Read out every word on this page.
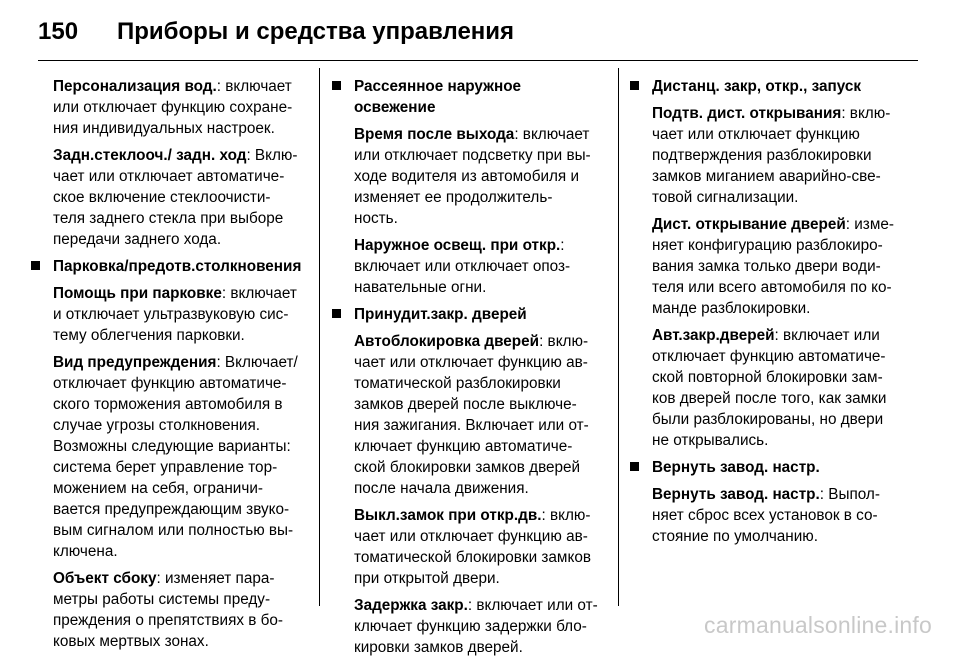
150 Приборы и средства управления
Персонализация вод.: включает
или отключает функцию сохране-
ния индивидуальных настроек.
Задн.стеклооч./ задн. ход: Вклю-
чает или отключает автоматиче-
ское включение стеклоочисти-
теля заднего стекла при выборе
передачи заднего хода.
Парковка/предотв.столкновения
Помощь при парковке: включает
и отключает ультразвуковую сис-
тему облегчения парковки.
Вид предупреждения: Включает/
отключает функцию автоматиче-
ского торможения автомобиля в
случае угрозы столкновения.
Возможны следующие варианты:
система берет управление тор-
можением на себя, ограничи-
вается предупреждающим звуко-
вым сигналом или полностью вы-
ключена.
Объект сбоку: изменяет пара-
метры работы системы преду-
преждения о препятствиях в бо-
ковых мертвых зонах.
Рассеянное наружное
освежение
Время после выхода: включает
или отключает подсветку при вы-
ходе водителя из автомобиля и
изменяет ее продолжитель-
ность.
Наружное освещ. при откр.:
включает или отключает опоз-
навательные огни.
Принудит.закр. дверей
Автоблокировка дверей: вклю-
чает или отключает функцию ав-
томатической разблокировки
замков дверей после выключе-
ния зажигания. Включает или от-
ключает функцию автоматиче-
ской блокировки замков дверей
после начала движения.
Выкл.замок при откр.дв.: вклю-
чает или отключает функцию ав-
томатической блокировки замков
при открытой двери.
Задержка закр.: включает или от-
ключает функцию задержки бло-
кировки замков дверей.
Дистанц. закр, откр., запуск
Подтв. дист. открывания: вклю-
чает или отключает функцию
подтверждения разблокировки
замков миганием аварийно-све-
товой сигнализации.
Дист. открывание дверей: изме-
няет конфигурацию разблокиро-
вания замка только двери води-
теля или всего автомобиля по ко-
манде разблокировки.
Авт.закр.дверей: включает или
отключает функцию автоматиче-
ской повторной блокировки зам-
ков дверей после того, как замки
были разблокированы, но двери
не открывались.
Вернуть завод. настр.
Вернуть завод. настр.: Выпол-
няет сброс всех установок в со-
стояние по умолчанию.
carmanualsonline.info
